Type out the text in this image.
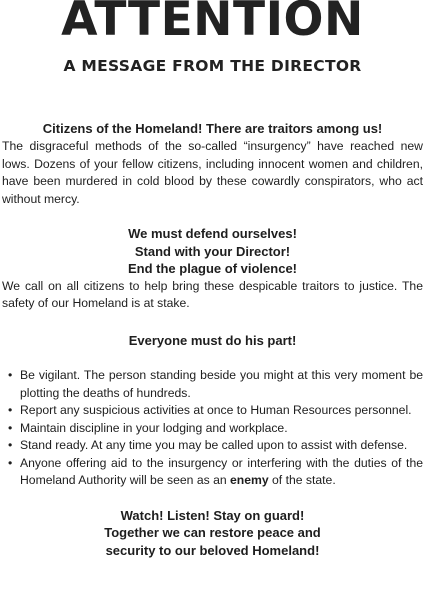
ATTENTION
A MESSAGE FROM THE DIRECTOR
Citizens of the Homeland! There are traitors among us!

The disgraceful methods of the so-called “insurgency” have reached new lows. Dozens of your fellow citizens, including innocent women and children, have been murdered in cold blood by these cowardly conspirators, who act without mercy.

We must defend ourselves!
Stand with your Director!
End the plague of violence!

We call on all citizens to help bring these despicable traitors to justice. The safety of our Homeland is at stake.

Everyone must do his part!
• Be vigilant. The person standing beside you might at this very moment be plotting the deaths of hundreds.
• Report any suspicious activities at once to Human Resources personnel.
• Maintain discipline in your lodging and workplace.
• Stand ready. At any time you may be called upon to assist with defense.
• Anyone offering aid to the insurgency or interfering with the duties of the Homeland Authority will be seen as an enemy of the state.
Watch! Listen! Stay on guard!
Together we can restore peace and
security to our beloved Homeland!
